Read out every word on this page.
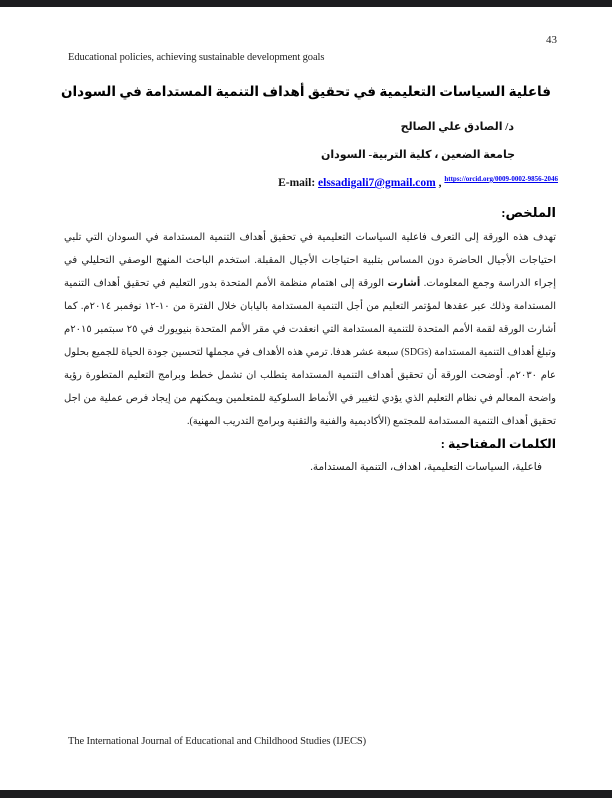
43
Educational policies, achieving sustainable development goals
فاعلية السياسات التعليمية في تحقيق أهداف التنمية المستدامة في السودان
د/ الصادق علي الصالح
جامعة الضعين ، كلية التربية- السودان
E-mail: elssadigali7@gmail.com , $^{https://orcid.org/0009-0002-9856-2046}$
الملخص:

تهدف هذه الورقة إلى التعرف فاعلية السياسات التعليمية في تحقيق أهداف التنمية المستدامة في السودان التي تلبي احتياجات الأجيال الحاضرة دون المساس بتلبية احتياجات الأجيال المقبلة. استخدم الباحث المنهج الوصفي التحليلي في إجراء الدراسة وجمع المعلومات. أشارت الورقة إلى اهتمام منظمة الأمم المتحدة بدور التعليم في تحقيق أهداف التنمية المستدامة وذلك عبر عقدها لمؤتمر التعليم من أجل التنمية المستدامة باليابان خلال الفترة من ١٠-١٢ نوفمبر ٢٠١٤م. كما أشارت الورقة لقمة الأمم المتحدة للتنمية المستدامة التي انعقدت في مقر الأمم المتحدة بنيويورك في ٢٥ سبتمبر ٢٠١٥م وتبلغ أهداف التنمية المستدامة (SDGs) سبعة عشر هدفا. ترمي هذه الأهداف في مجملها لتحسين جودة الحياة للجميع بحلول عام ٢٠٣٠م. أوضحت الورقة أن تحقيق أهداف التنمية المستدامة يتطلب ان تشمل خطط وبرامج التعليم المتطورة رؤية واضحة المعالم في نظام التعليم الذي يؤدي لتغيير في الأنماط السلوكية للمتعلمين ويمكنهم من إيجاد فرص عملية من اجل تحقيق أهداف التنمية المستدامة للمجتمع (الأكاديمية والفنية والتقنية وبرامج التدريب المهنية).

الكلمات المفتاحية :
فاعلية، السياسات التعليمية، اهداف، التنمية المستدامة.
The International Journal of Educational and Childhood Studies (IJECS)
